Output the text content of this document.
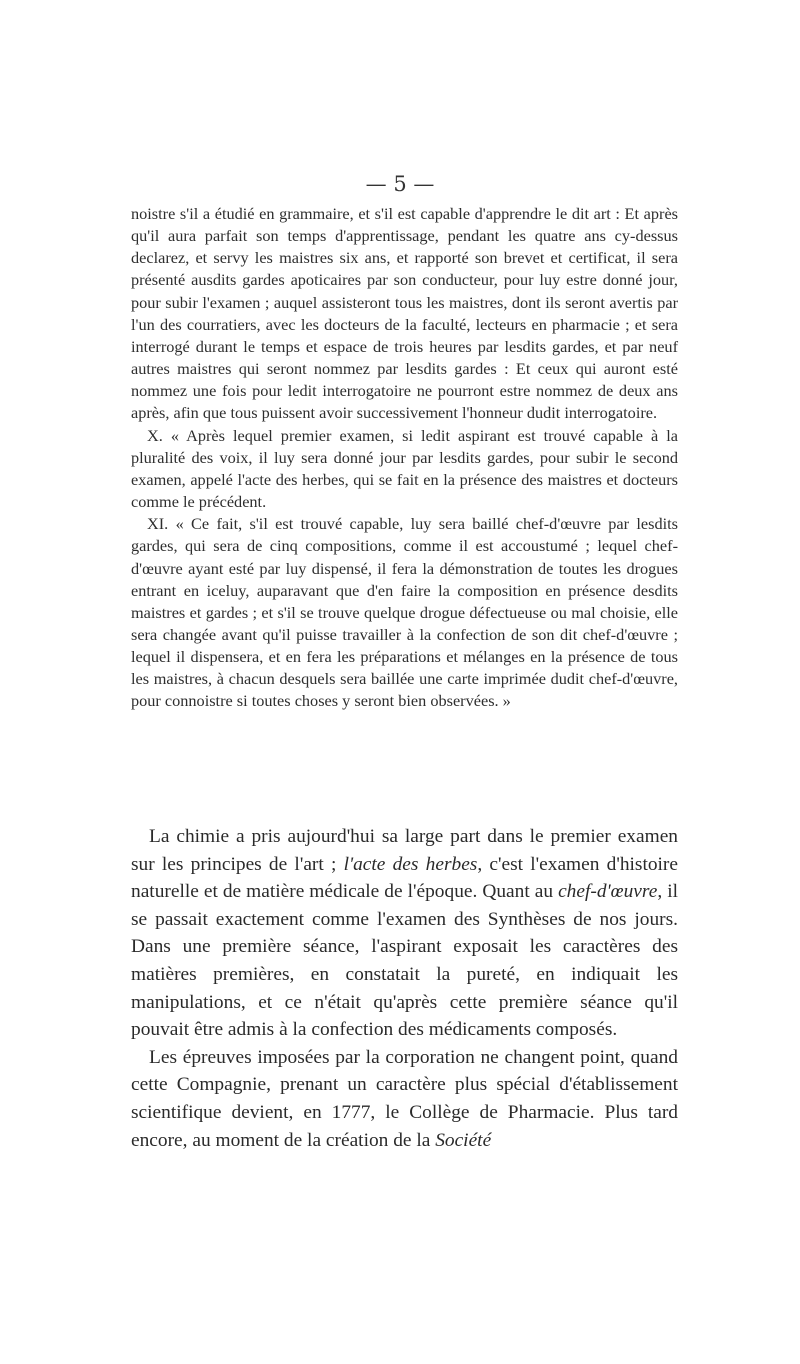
— 5 —

noistre s'il a étudié en grammaire, et s'il est capable d'apprendre le dit art : Et après qu'il aura parfait son temps d'apprentissage, pendant les quatre ans cy-dessus declarez, et servy les maistres six ans, et rapporté son brevet et certificat, il sera présenté ausdits gardes apoticaires par son conducteur, pour luy estre donné jour, pour subir l'examen ; auquel assisteront tous les maistres, dont ils seront avertis par l'un des courratiers, avec les docteurs de la faculté, lecteurs en pharmacie ; et sera interrogé durant le temps et espace de trois heures par lesdits gardes, et par neuf autres maistres qui seront nommez par lesdits gardes : Et ceux qui auront esté nommez une fois pour ledit interrogatoire ne pourront estre nommez de deux ans après, afin que tous puissent avoir successivement l'honneur dudit interrogatoire.

X. « Après lequel premier examen, si ledit aspirant est trouvé capable à la pluralité des voix, il luy sera donné jour par lesdits gardes, pour subir le second examen, appelé l'acte des herbes, qui se fait en la présence des maistres et docteurs comme le précédent.

XI. « Ce fait, s'il est trouvé capable, luy sera baillé chef-d'œuvre par lesdits gardes, qui sera de cinq compositions, comme il est accoustumé ; lequel chef-d'œuvre ayant esté par luy dispensé, il fera la démonstration de toutes les drogues entrant en iceluy, auparavant que d'en faire la composition en présence desdits maistres et gardes ; et s'il se trouve quelque drogue défectueuse ou mal choisie, elle sera changée avant qu'il puisse travailler à la confection de son dit chef-d'œuvre ; lequel il dispensera, et en fera les préparations et mélanges en la présence de tous les maistres, à chacun desquels sera baillée une carte imprimée dudit chef-d'œuvre, pour connoistre si toutes choses y seront bien observées. »

La chimie a pris aujourd'hui sa large part dans le premier examen sur les principes de l'art ; l'acte des herbes, c'est l'examen d'histoire naturelle et de matière médicale de l'époque. Quant au chef-d'œuvre, il se passait exactement comme l'examen des Synthèses de nos jours. Dans une première séance, l'aspirant exposait les caractères des matières premières, en constatait la pureté, en indiquait les manipulations, et ce n'était qu'après cette première séance qu'il pouvait être admis à la confection des médicaments composés.

Les épreuves imposées par la corporation ne changent point, quand cette Compagnie, prenant un caractère plus spécial d'établissement scientifique devient, en 1777, le Collège de Pharmacie. Plus tard encore, au moment de la création de la Société
